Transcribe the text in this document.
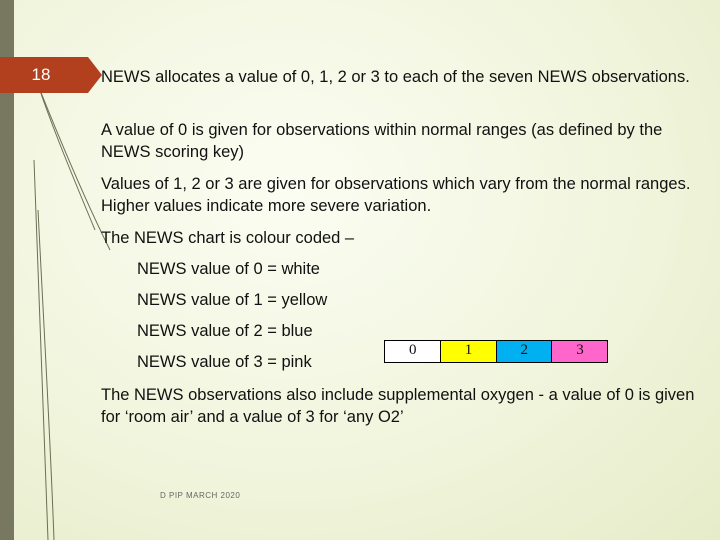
18	NEWS allocates a value of 0, 1, 2 or 3 to each of the seven NEWS observations.

A value of 0 is given for observations within normal ranges (as defined by the NEWS scoring key)

Values of 1, 2 or 3 are given for observations which vary from the normal ranges. Higher values indicate more severe variation.

The NEWS chart is colour coded –

NEWS value of 0 = white

NEWS value of 1 = yellow

NEWS value of 2 = blue

NEWS value of 3 = pink

0	1	2	3

The NEWS observations also include supplemental oxygen - a value of 0 is given for ‘room air’ and a value of 3 for ‘any O2’

D PIP MARCH 2020
